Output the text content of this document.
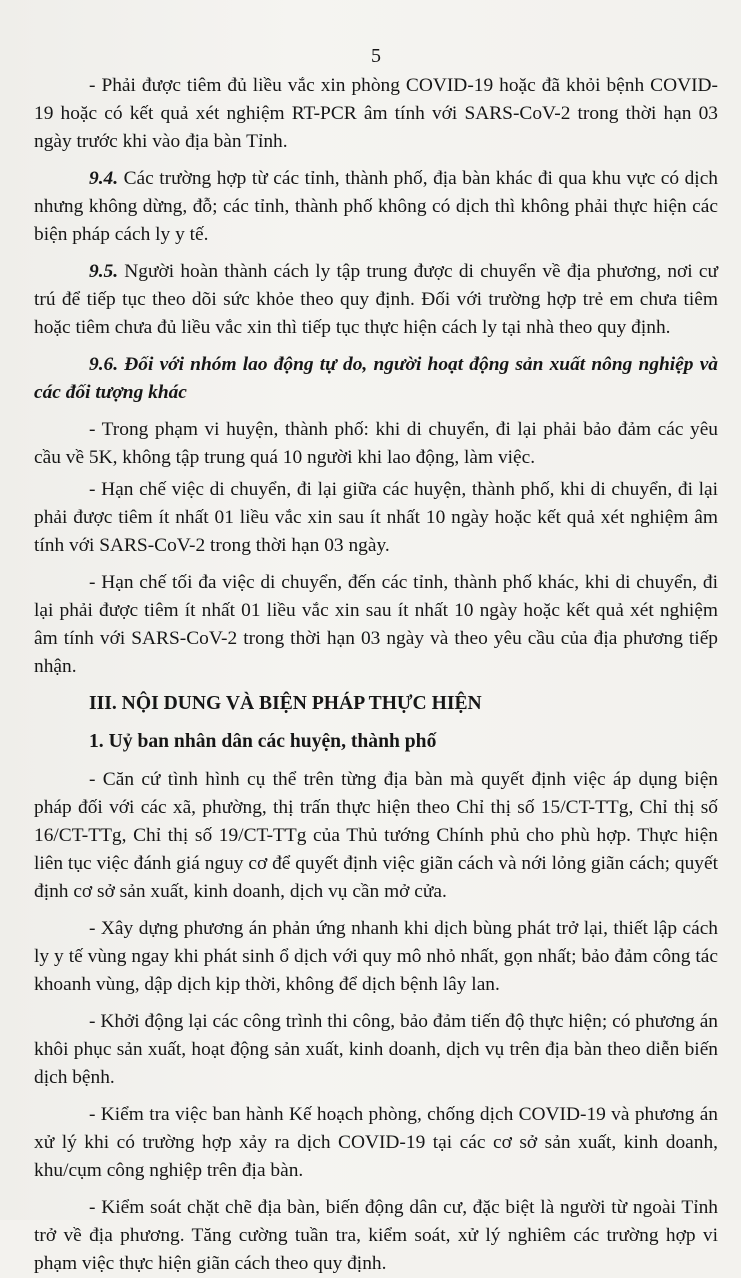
5

- Phải được tiêm đủ liều vắc xin phòng COVID-19 hoặc đã khỏi bệnh COVID-19 hoặc có kết quả xét nghiệm RT-PCR âm tính với SARS-CoV-2 trong thời hạn 03 ngày trước khi vào địa bàn Tỉnh.

9.4. Các trường hợp từ các tỉnh, thành phố, địa bàn khác đi qua khu vực có dịch nhưng không dừng, đỗ; các tỉnh, thành phố không có dịch thì không phải thực hiện các biện pháp cách ly y tế.

9.5. Người hoàn thành cách ly tập trung được di chuyển về địa phương, nơi cư trú để tiếp tục theo dõi sức khỏe theo quy định. Đối với trường hợp trẻ em chưa tiêm hoặc tiêm chưa đủ liều vắc xin thì tiếp tục thực hiện cách ly tại nhà theo quy định.

9.6. Đối với nhóm lao động tự do, người hoạt động sản xuất nông nghiệp và các đối tượng khác

- Trong phạm vi huyện, thành phố: khi di chuyển, đi lại phải bảo đảm các yêu cầu về 5K, không tập trung quá 10 người khi lao động, làm việc.

- Hạn chế việc di chuyển, đi lại giữa các huyện, thành phố, khi di chuyển, đi lại phải được tiêm ít nhất 01 liều vắc xin sau ít nhất 10 ngày hoặc kết quả xét nghiệm âm tính với SARS-CoV-2 trong thời hạn 03 ngày.

- Hạn chế tối đa việc di chuyển, đến các tỉnh, thành phố khác, khi di chuyển, đi lại phải được tiêm ít nhất 01 liều vắc xin sau ít nhất 10 ngày hoặc kết quả xét nghiệm âm tính với SARS-CoV-2 trong thời hạn 03 ngày và theo yêu cầu của địa phương tiếp nhận.

III. NỘI DUNG VÀ BIỆN PHÁP THỰC HIỆN

1. Uỷ ban nhân dân các huyện, thành phố

- Căn cứ tình hình cụ thể trên từng địa bàn mà quyết định việc áp dụng biện pháp đối với các xã, phường, thị trấn thực hiện theo Chỉ thị số 15/CT-TTg, Chỉ thị số 16/CT-TTg, Chỉ thị số 19/CT-TTg của Thủ tướng Chính phủ cho phù hợp. Thực hiện liên tục việc đánh giá nguy cơ để quyết định việc giãn cách và nới lỏng giãn cách; quyết định cơ sở sản xuất, kinh doanh, dịch vụ cần mở cửa.

- Xây dựng phương án phản ứng nhanh khi dịch bùng phát trở lại, thiết lập cách ly y tế vùng ngay khi phát sinh ổ dịch với quy mô nhỏ nhất, gọn nhất; bảo đảm công tác khoanh vùng, dập dịch kịp thời, không để dịch bệnh lây lan.

- Khởi động lại các công trình thi công, bảo đảm tiến độ thực hiện; có phương án khôi phục sản xuất, hoạt động sản xuất, kinh doanh, dịch vụ trên địa bàn theo diễn biến dịch bệnh.

- Kiểm tra việc ban hành Kế hoạch phòng, chống dịch COVID-19 và phương án xử lý khi có trường hợp xảy ra dịch COVID-19 tại các cơ sở sản xuất, kinh doanh, khu/cụm công nghiệp trên địa bàn.

- Kiểm soát chặt chẽ địa bàn, biến động dân cư, đặc biệt là người từ ngoài Tỉnh trở về địa phương. Tăng cường tuần tra, kiểm soát, xử lý nghiêm các trường hợp vi phạm việc thực hiện giãn cách theo quy định.
